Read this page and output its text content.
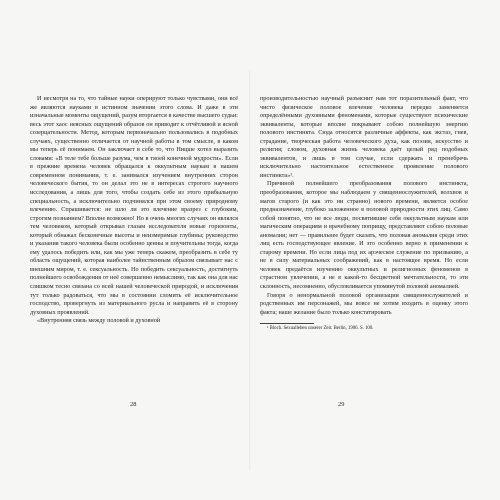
И несмотря на то, что тайные науки оперируют только чувствами, они всё же являются науками в истинном значении этого слова. И даже в эти изначальные моменты ощущений, разум вторгается в качестве высшего судьи: весь этот хаос неясных ощущений образов он приводит к отчётливой и ясной созерцательности. Метод, которым первоначально пользовались в подобных случаях, существенно отличается от научной работы в том смысле, в каком мы теперь её понимаем. Он заключает в себе то, что Ницше хотел выразить словами: «В теле тебе больше разума, чем в твоей конечной мудрости». Если в прежние времена человек обращался к оккультным наукам в нашем современном понимании, т. е. занимался изучением внутренних сторон человеческого бытия, то он делал это не в интересах строгого научного исследования, а лишь для того, чтобы создать себе из этого прибыльную специальность, а исключительно подчинялся при этом своему природному влечению. Спрашивается: не шло ли это влечение вразрез с глубоким, строгим познанием? Вполне возможно! Но в очень многих случаях он являлся тем человеком, который открывал глазам исследователя новые горизонты, который обнажал бесконечные высоты и неизмеримые глубины; руководство и указания такого человека были особенно ценны и поучительны тогда, когда ему удалось победить или, как мы уже теперь скажем, преобразить в себе ту область ощущений, которая наиболее тайнственным образом связывает нас с внешним миром, т. е. сексуальность. Но победить сексуальность, достигнуть полнейшего освобождения от неё совершенно немыслимо, так как она для нас слишком тесно связана со всей нашей человеческой природой, и исключения тут только радоваться, что мы в состоянии сломить её исключительное господство, провергнуть из материального русла и направить её в сторону духовных проявлений.

«Внутренняя связь между половой и духовной

28

производительностью научный разъяснит нам тот поразительный факт, что чисто физическое половое влечение человека передко заменяется определёнными духовными феноменами, которые существуют психические эквиваленты, которые вполне покрывают собою полнейшую энергию полового инстинкта. Сюда относятся различные аффекты, как экстаз, гнев, страдание, творческая работа человеческого духа, как поэзия, искусство и религия; словом, духовная жизнь человека даёт целый ряд подобных эквивалентов, и лишь в том случае, если сдержать и пренебречь исключительно настоятельное естественное проявление полового инстинкта»¹.

Причиной полнейшего преобразования полового инстинкта, преобразования, которое мы наблюдаем у священнослужителей, волхвов и магов старого (и как это ни странно) нового времени, является особое предназначение, глубоко заложенное в половой природности этих лиц. Само собой понятно, что не все люди, посвятившие себя оккультным наукам или магическим операциям и врачебному поприщу, представляют собою половые аномалии; нет — правильнее будет сказать, что половая аномалия среди этих лиц есть господствующее явление. И это особенно верно в применении к старому времени. Но если лица под их арэческое служение по призванию, а не в силу материальных соображений, как в настоящее время. Но если человек предаётся изучению оккультных и религиозных феноменов в страстном увлечении, а не в какой-то бесцветной мечтательности, то эти склонность, несомненно, обусловливается упомянутой половой аномалией.

Говоря о ненормальной половой организации священнослужителей и родственных им персонажей, мы вовсе не хотим входить в оценку этого факта; наше желание было только констатировать

¹ Bloch. Sexualleben unserer Zeit. Berlin, 1906. S. 100.

29
